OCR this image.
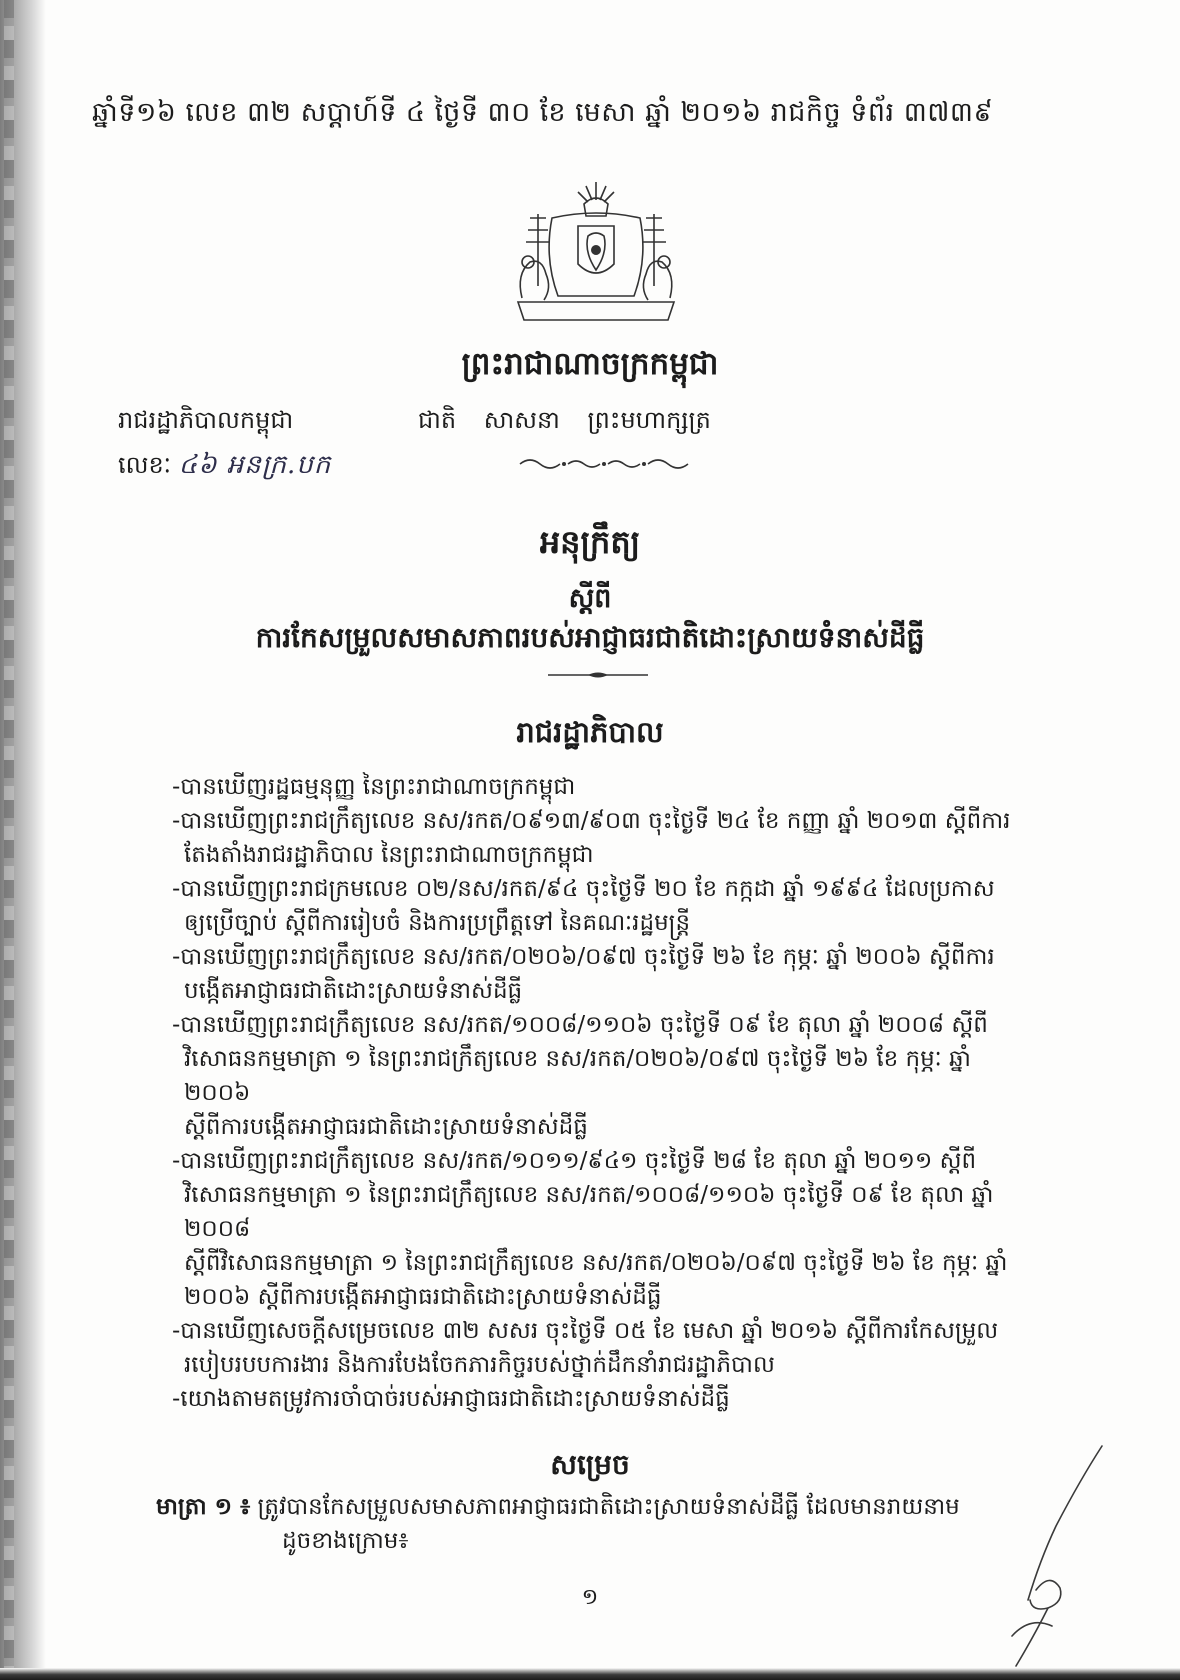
ឆ្នាំទី១៦ លេខ ៣២ សប្តាហ៍ទី ៤ ថ្ងៃទី ៣០ ខែ មេសា ឆ្នាំ ២០១៦ រាជកិច្ច ទំព័រ ៣៧៣៩
ព្រះរាជាណាចក្រកម្ពុជា
រាជរដ្ឋាភិបាលកម្ពុជា	ជាតិ សាសនា ព្រះមហាក្សត្រ
លេខៈ ៤៦ អនក្រ.បក
អនុក្រឹត្យ
ស្តីពី
ការកែសម្រួលសមាសភាពរបស់អាជ្ញាធរជាតិដោះស្រាយទំនាស់ដីធ្លី
រាជរដ្ឋាភិបាល

-បានឃើញរដ្ឋធម្មនុញ្ញ នៃព្រះរាជាណាចក្រកម្ពុជា

-បានឃើញព្រះរាជក្រឹត្យលេខ នស/រកត/០៩១៣/៩០៣ ចុះថ្ងៃទី ២៤ ខែ កញ្ញា ឆ្នាំ ២០១៣ ស្តីពីការ

តែងតាំងរាជរដ្ឋាភិបាល នៃព្រះរាជាណាចក្រកម្ពុជា

-បានឃើញព្រះរាជក្រមលេខ ០២/នស/រកត/៩៤ ចុះថ្ងៃទី ២០ ខែ កក្កដា ឆ្នាំ ១៩៩៤ ដែលប្រកាស

ឲ្យប្រើច្បាប់ ស្តីពីការរៀបចំ និងការប្រព្រឹត្តទៅ នៃគណៈរដ្ឋមន្ត្រី

-បានឃើញព្រះរាជក្រឹត្យលេខ នស/រកត/០២០៦/០៩៧ ចុះថ្ងៃទី ២៦ ខែ កុម្ភៈ ឆ្នាំ ២០០៦ ស្តីពីការ

បង្កើតអាជ្ញាធរជាតិដោះស្រាយទំនាស់ដីធ្លី

-បានឃើញព្រះរាជក្រឹត្យលេខ នស/រកត/១០០៨/១១០៦ ចុះថ្ងៃទី ០៩ ខែ តុលា ឆ្នាំ ២០០៨ ស្តីពី

វិសោធនកម្មមាត្រា ១ នៃព្រះរាជក្រឹត្យលេខ នស/រកត/០២០៦/០៩៧ ចុះថ្ងៃទី ២៦ ខែ កុម្ភៈ ឆ្នាំ ២០០៦

ស្តីពីការបង្កើតអាជ្ញាធរជាតិដោះស្រាយទំនាស់ដីធ្លី

-បានឃើញព្រះរាជក្រឹត្យលេខ នស/រកត/១០១១/៩៤១ ចុះថ្ងៃទី ២៨ ខែ តុលា ឆ្នាំ ២០១១ ស្តីពី

វិសោធនកម្មមាត្រា ១ នៃព្រះរាជក្រឹត្យលេខ នស/រកត/១០០៨/១១០៦ ចុះថ្ងៃទី ០៩ ខែ តុលា ឆ្នាំ ២០០៨

ស្តីពីវិសោធនកម្មមាត្រា ១ នៃព្រះរាជក្រឹត្យលេខ នស/រកត/០២០៦/០៩៧ ចុះថ្ងៃទី ២៦ ខែ កុម្ភៈ ឆ្នាំ

២០០៦ ស្តីពីការបង្កើតអាជ្ញាធរជាតិដោះស្រាយទំនាស់ដីធ្លី

-បានឃើញសេចក្តីសម្រេចលេខ ៣២ សសរ ចុះថ្ងៃទី ០៥ ខែ មេសា ឆ្នាំ ២០១៦ ស្តីពីការកែសម្រួល

របៀបរបបការងារ និងការបែងចែកភារកិច្ចរបស់ថ្នាក់ដឹកនាំរាជរដ្ឋាភិបាល

-យោងតាមតម្រូវការចាំបាច់របស់អាជ្ញាធរជាតិដោះស្រាយទំនាស់ដីធ្លី

សម្រេច
មាត្រា ១ ៖ ត្រូវបានកែសម្រួលសមាសភាពអាជ្ញាធរជាតិដោះស្រាយទំនាស់ដីធ្លី ដែលមានរាយនាម
ដូចខាងក្រោម៖
១
